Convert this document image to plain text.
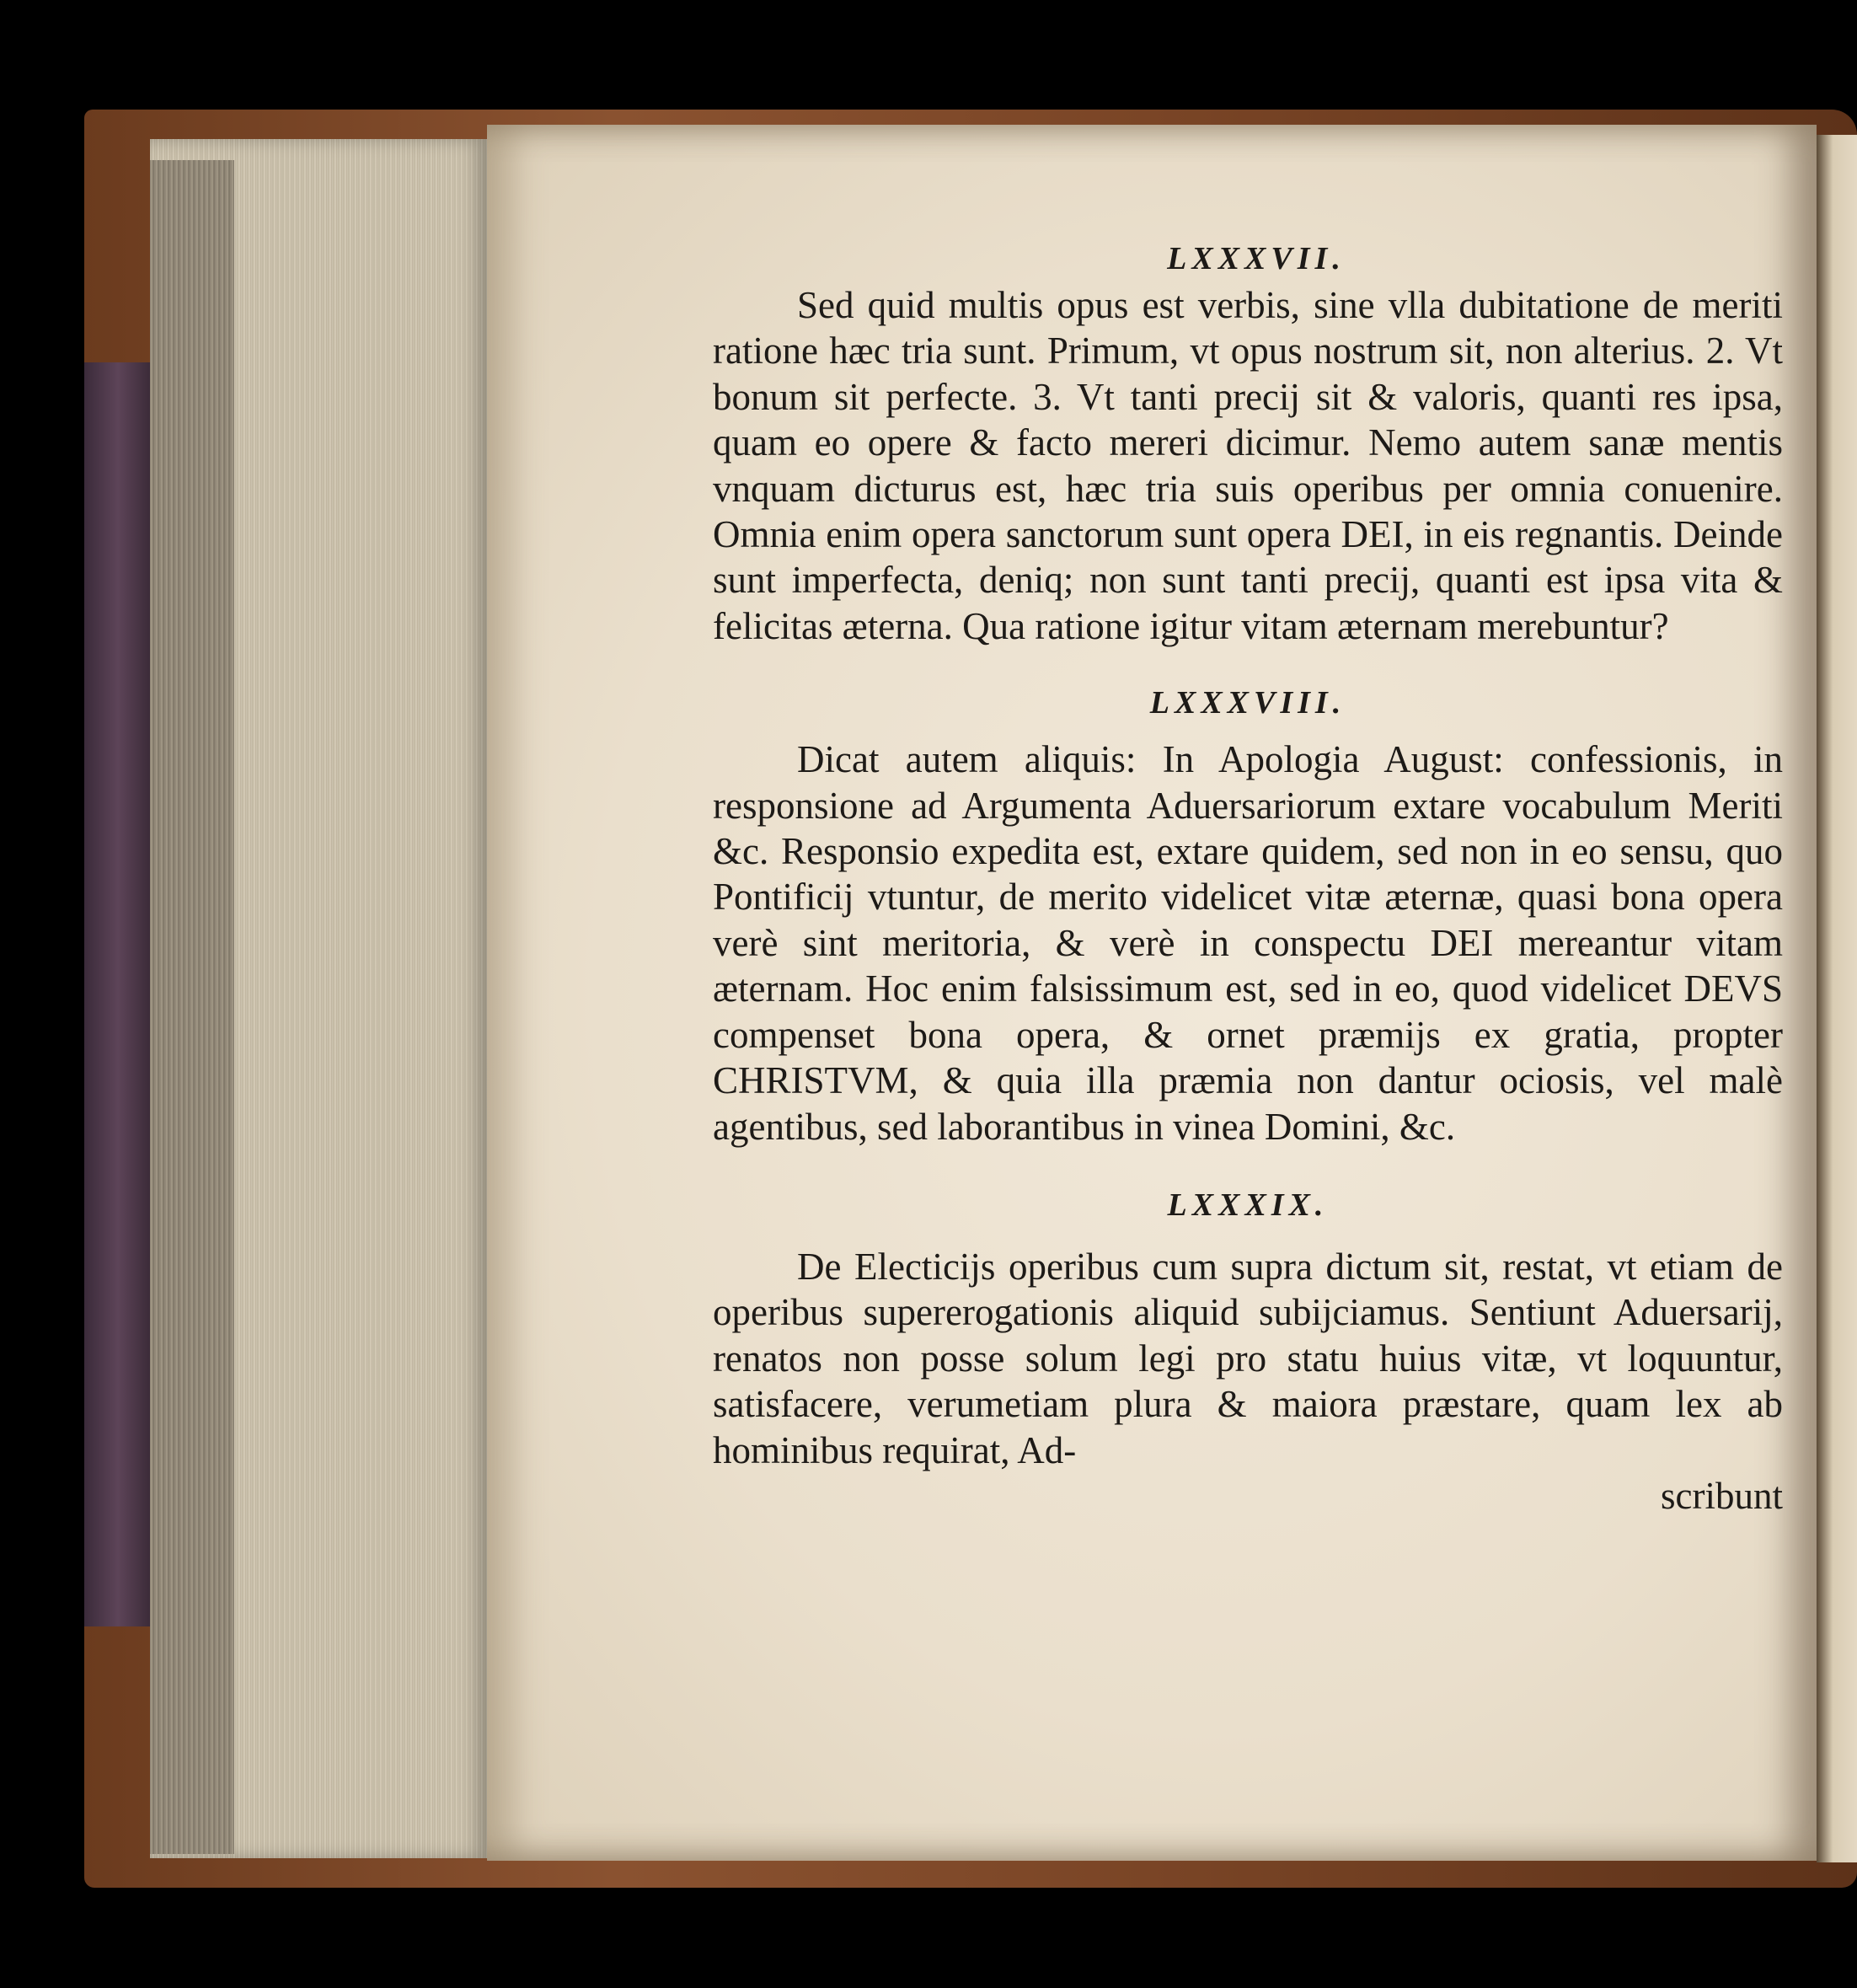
LXXXVII.

Sed quid multis opus est verbis, sine vlla dubitatione de meriti ratione hæc tria sunt. Primum, vt opus nostrum sit, non alterius. 2. Vt bonum sit perfecte. 3. Vt tanti precij sit & valoris, quanti res ipsa, quam eo opere & facto mereri dicimur. Nemo autem sanæ mentis vnquam dicturus est, hæc tria suis operibus per omnia conuenire. Omnia enim opera sanctorum sunt opera DEI, in eis regnantis. Deinde sunt imperfecta, deniq; non sunt tanti precij, quanti est ipsa vita & felicitas æterna. Qua ratione igitur vitam æternam merebuntur?

LXXXVIII.

Dicat autem aliquis: In Apologia August: confessionis, in responsione ad Argumenta Aduersariorum extare vocabulum Meriti &c. Responsio expedita est, extare quidem, sed non in eo sensu, quo Pontificij vtuntur, de merito videlicet vitæ æternæ, quasi bona opera verè sint meritoria, & verè in conspectu DEI mereantur vitam æternam. Hoc enim falsissimum est, sed in eo, quod videlicet DEVS compenset bona opera, & ornet præmijs ex gratia, propter CHRISTVM, & quia illa præmia non dantur ociosis, vel malè agentibus, sed laborantibus in vinea Domini, &c.

LXXXIX.

De Electicijs operibus cum supra dictum sit, restat, vt etiam de operibus supererogationis aliquid subijciamus. Sentiunt Aduersarij, renatos non posse solum legi pro statu huius vitæ, vt loquuntur, satisfacere, verumetiam plura & maiora præstare, quam lex ab hominibus requirat, Ad-

scribunt
